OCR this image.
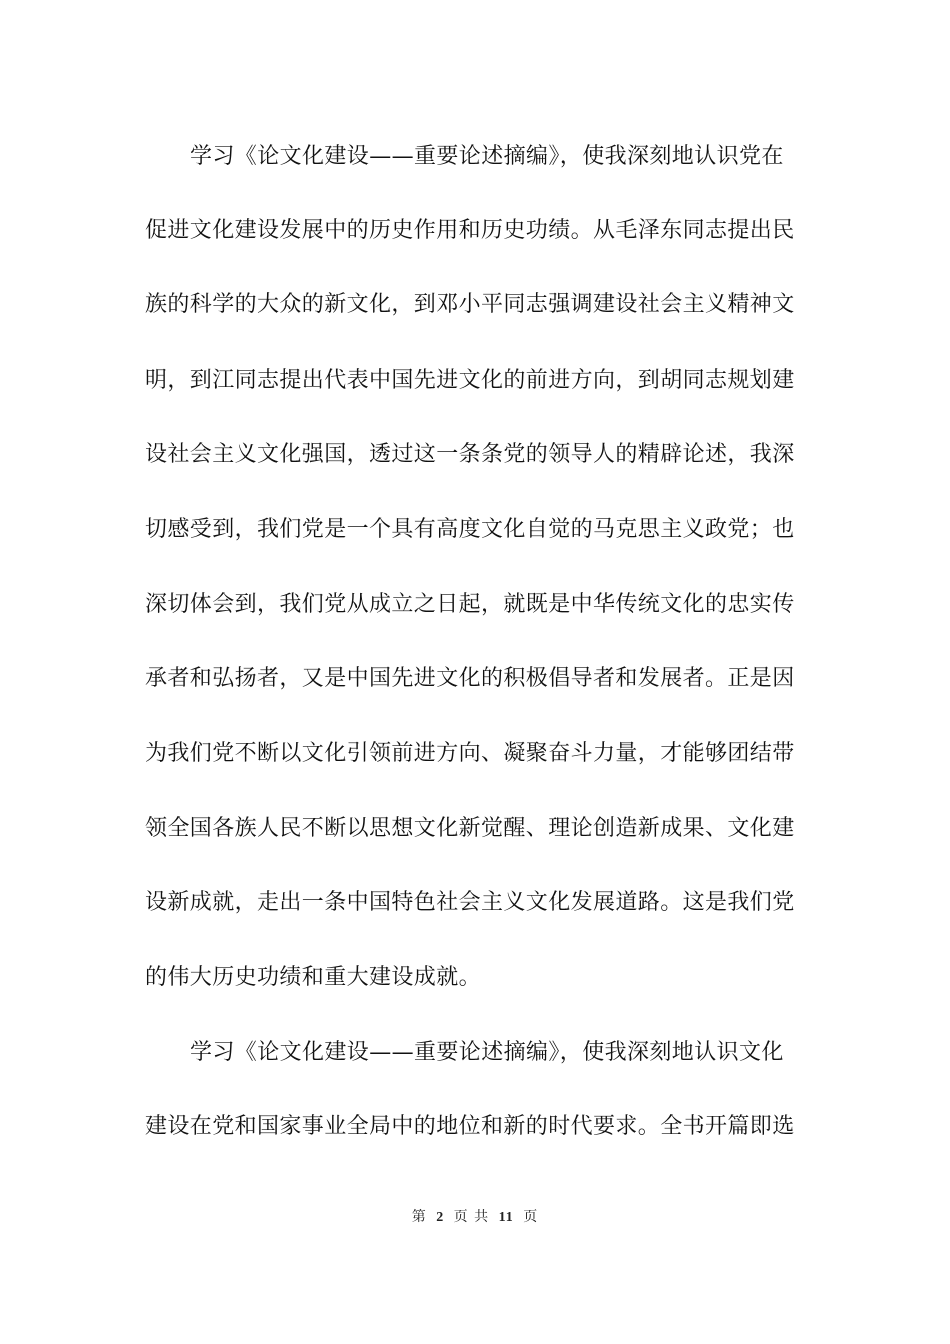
学习《论文化建设——重要论述摘编》，使我深刻地认识党在
促进文化建设发展中的历史作用和历史功绩。从毛泽东同志提出民
族的科学的大众的新文化，到邓小平同志强调建设社会主义精神文
明，到江同志提出代表中国先进文化的前进方向，到胡同志规划建
设社会主义文化强国，透过这一条条党的领导人的精辟论述，我深
切感受到，我们党是一个具有高度文化自觉的马克思主义政党；也
深切体会到，我们党从成立之日起，就既是中华传统文化的忠实传
承者和弘扬者，又是中国先进文化的积极倡导者和发展者。正是因
为我们党不断以文化引领前进方向、凝聚奋斗力量，才能够团结带
领全国各族人民不断以思想文化新觉醒、理论创造新成果、文化建
设新成就，走出一条中国特色社会主义文化发展道路。这是我们党
的伟大历史功绩和重大建设成就。
学习《论文化建设——重要论述摘编》，使我深刻地认识文化
建设在党和国家事业全局中的地位和新的时代要求。全书开篇即选
第 2 页 共 11 页
